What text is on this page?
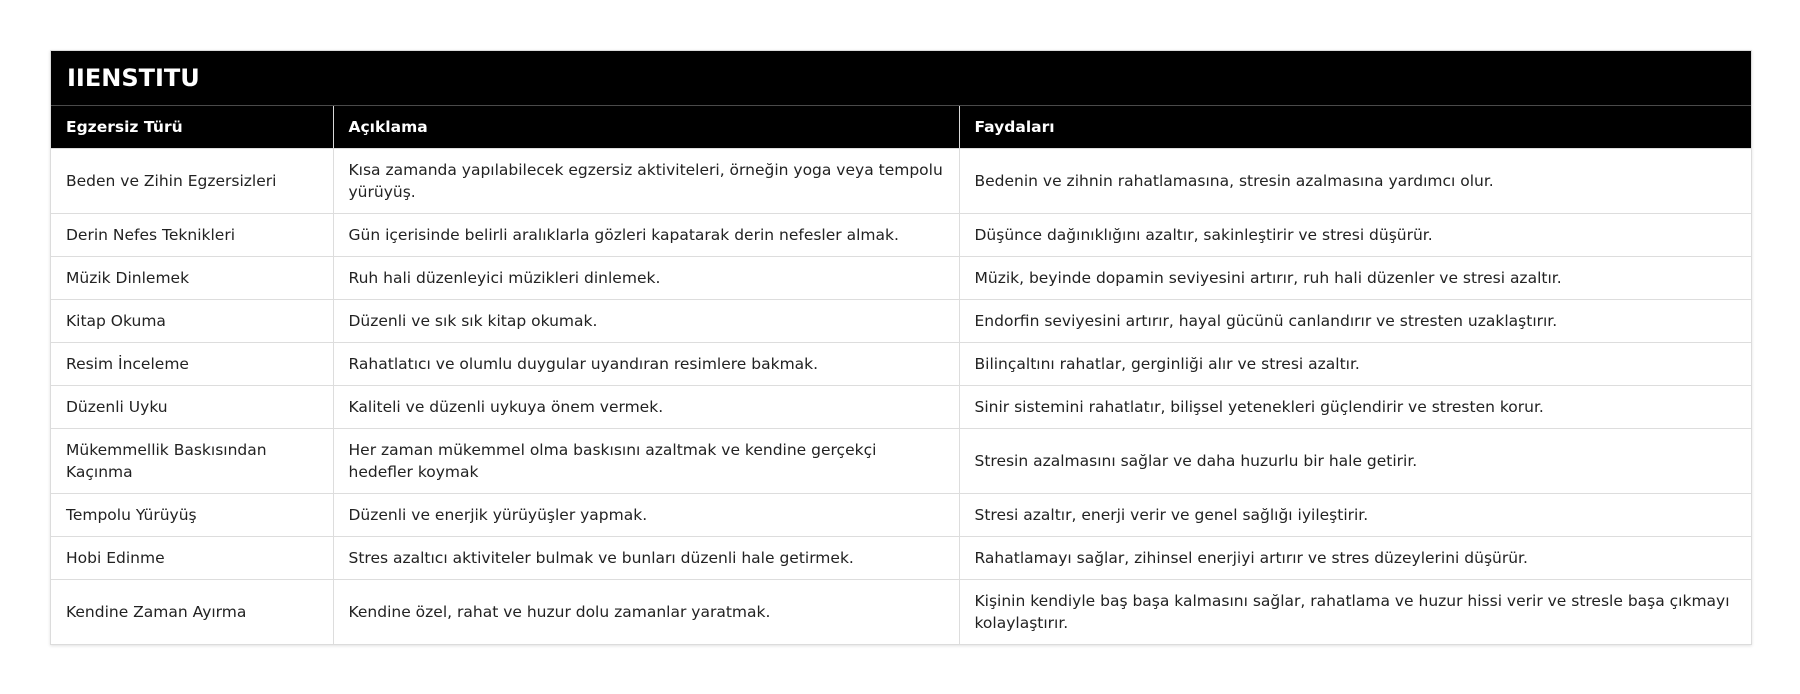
IIENSTITU
Egzersiz Türü	Açıklama	Faydaları
Beden ve Zihin Egzersizleri	Kısa zamanda yapılabilecek egzersiz aktiviteleri, örneğin yoga veya tempolu yürüyüş.	Bedenin ve zihnin rahatlamasına, stresin azalmasına yardımcı olur.
Derin Nefes Teknikleri	Gün içerisinde belirli aralıklarla gözleri kapatarak derin nefesler almak.	Düşünce dağınıklığını azaltır, sakinleştirir ve stresi düşürür.
Müzik Dinlemek	Ruh hali düzenleyici müzikleri dinlemek.	Müzik, beyinde dopamin seviyesini artırır, ruh hali düzenler ve stresi azaltır.
Kitap Okuma	Düzenli ve sık sık kitap okumak.	Endorfin seviyesini artırır, hayal gücünü canlandırır ve stresten uzaklaştırır.
Resim İnceleme	Rahatlatıcı ve olumlu duygular uyandıran resimlere bakmak.	Bilinçaltını rahatlar, gerginliği alır ve stresi azaltır.
Düzenli Uyku	Kaliteli ve düzenli uykuya önem vermek.	Sinir sistemini rahatlatır, bilişsel yetenekleri güçlendirir ve stresten korur.
Mükemmellik Baskısından Kaçınma	Her zaman mükemmel olma baskısını azaltmak ve kendine gerçekçi hedefler koymak	Stresin azalmasını sağlar ve daha huzurlu bir hale getirir.
Tempolu Yürüyüş	Düzenli ve enerjik yürüyüşler yapmak.	Stresi azaltır, enerji verir ve genel sağlığı iyileştirir.
Hobi Edinme	Stres azaltıcı aktiviteler bulmak ve bunları düzenli hale getirmek.	Rahatlamayı sağlar, zihinsel enerjiyi artırır ve stres düzeylerini düşürür.
Kendine Zaman Ayırma	Kendine özel, rahat ve huzur dolu zamanlar yaratmak.	Kişinin kendiyle baş başa kalmasını sağlar, rahatlama ve huzur hissi verir ve stresle başa çıkmayı kolaylaştırır.
